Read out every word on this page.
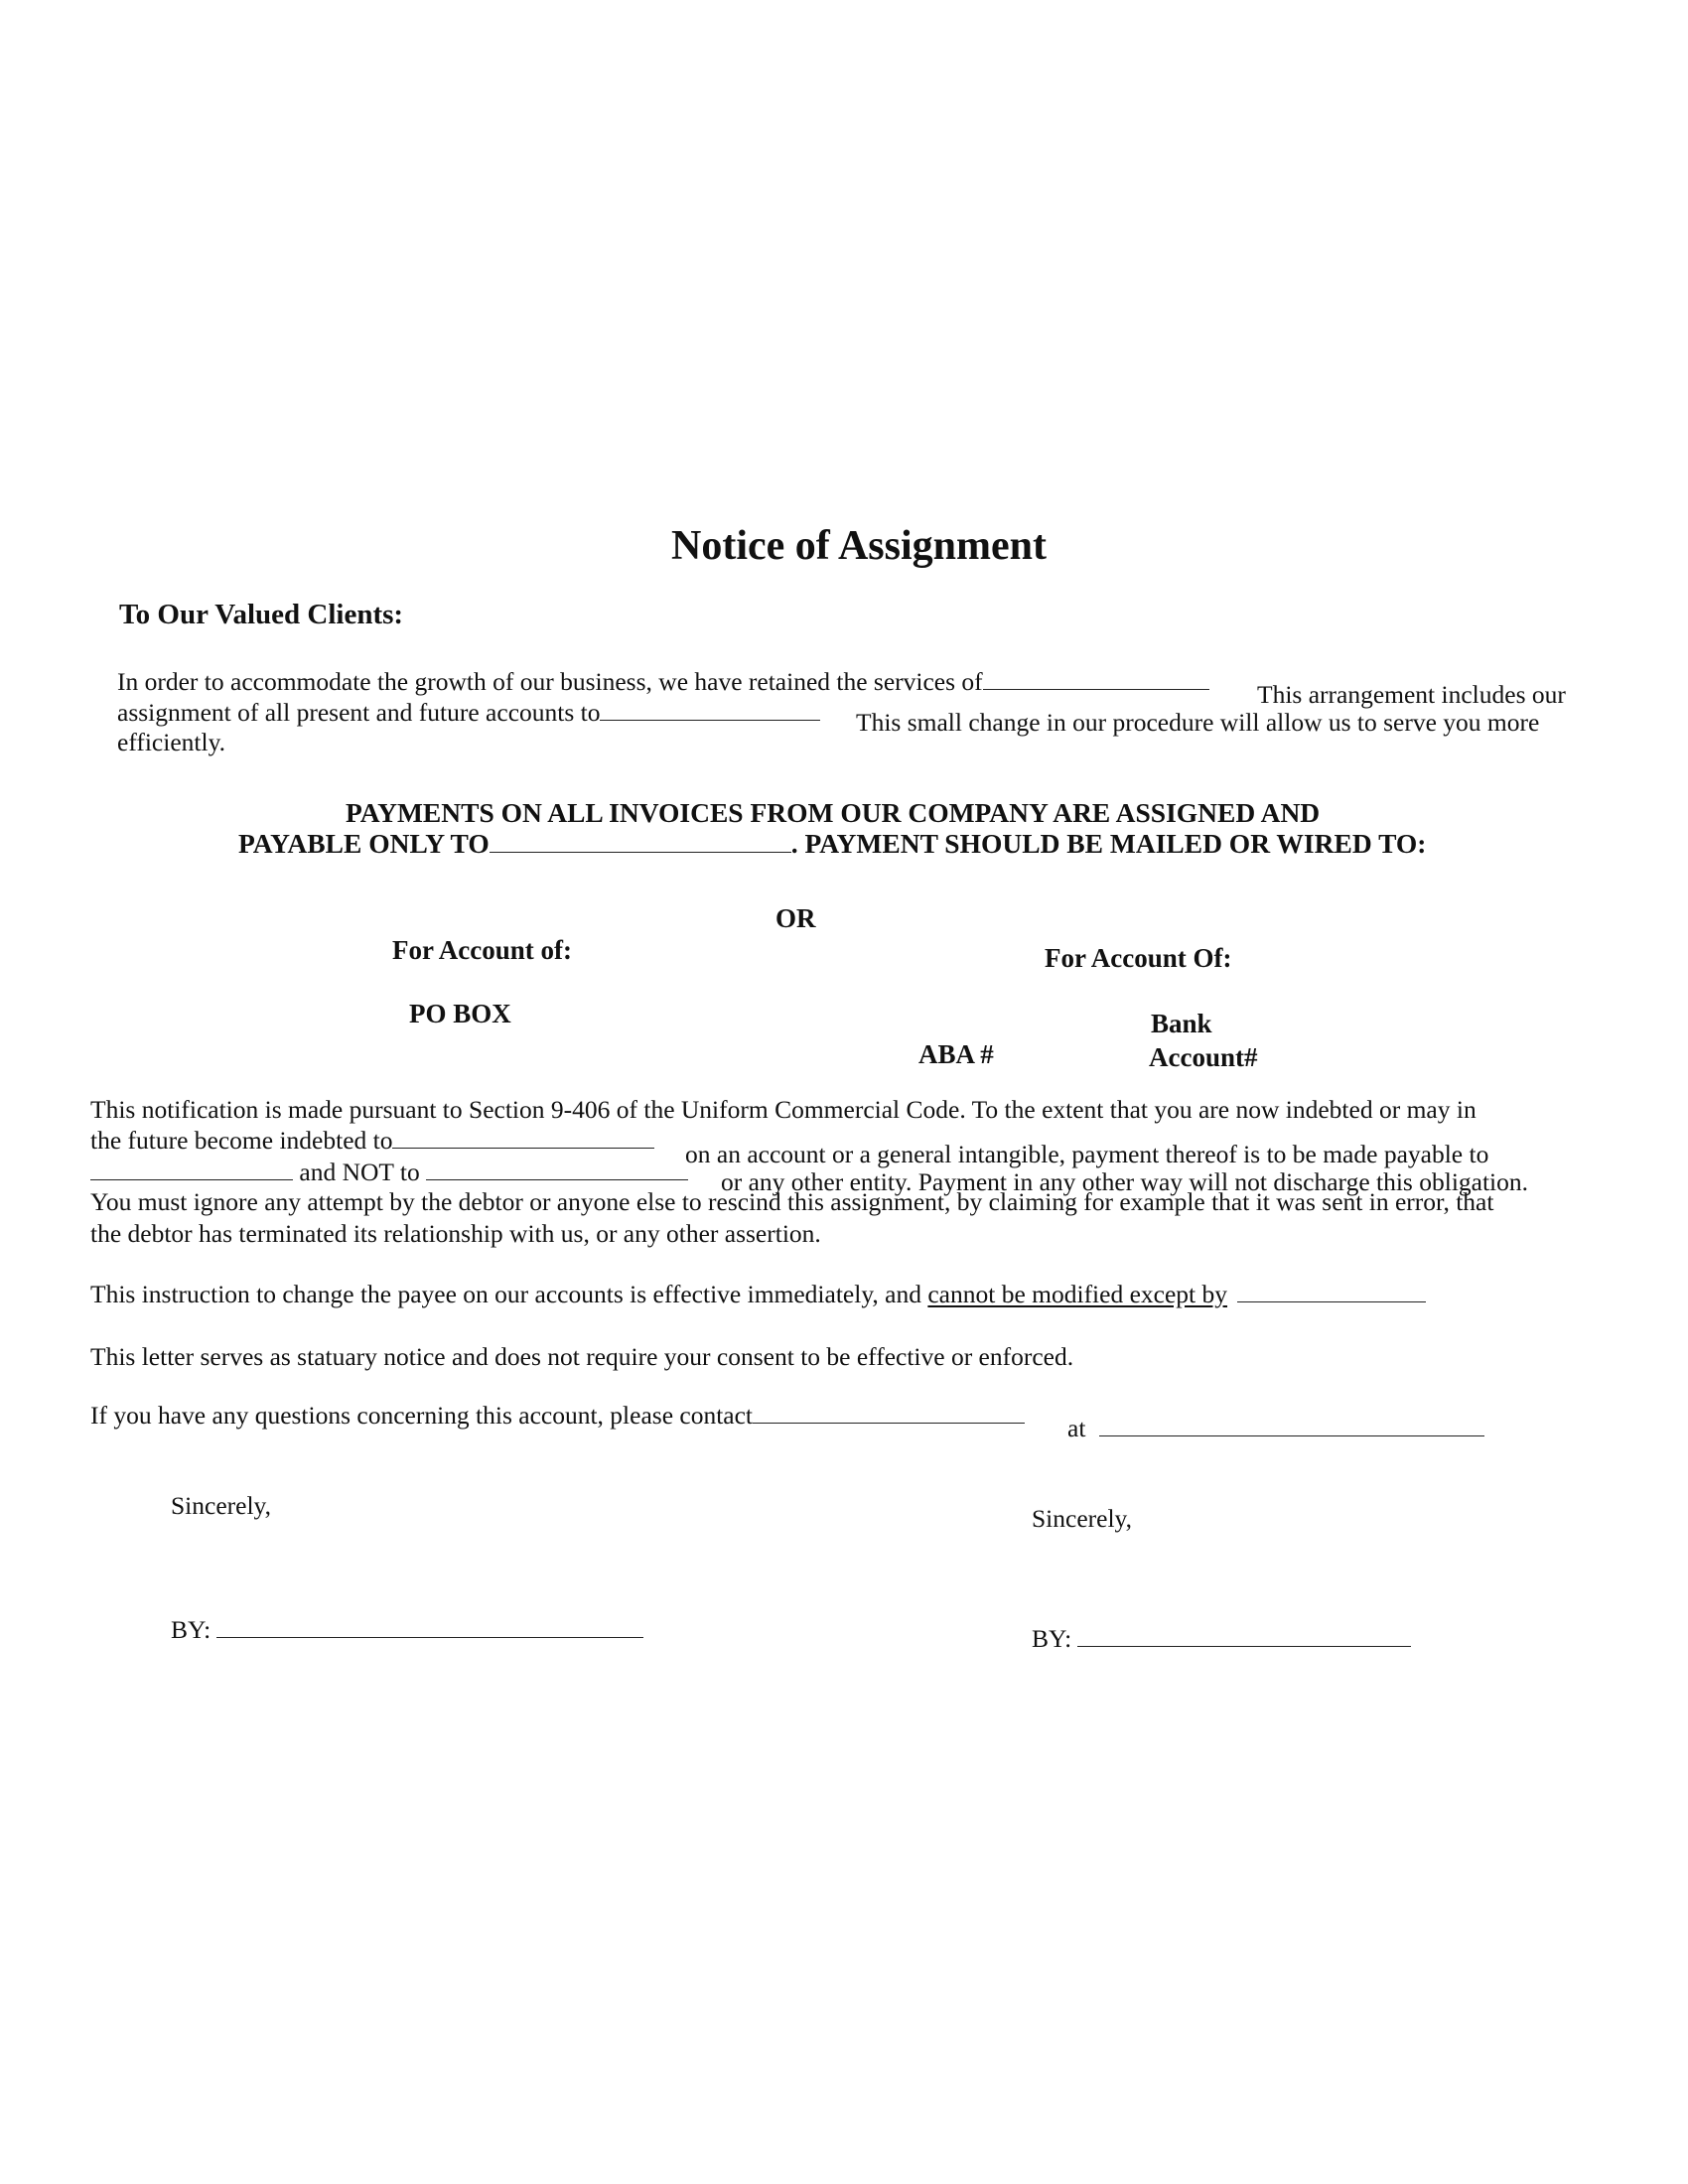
Notice of Assignment
To Our Valued Clients:
In order to accommodate the growth of our business, we have retained the services of	This arrangement includes our
assignment of all present and future accounts to	This small change in our procedure will allow us to serve you more
efficiently.
PAYMENTS ON ALL INVOICES FROM OUR COMPANY ARE ASSIGNED AND
PAYABLE ONLY TO	. PAYMENT SHOULD BE MAILED OR WIRED TO:
OR
For Account of:	For Account Of:
PO BOX	Bank
ABA #	Account#
This notification is made pursuant to Section 9-406 of the Uniform Commercial Code. To the extent that you are now indebted or may in
the future become indebted to	on an account or a general intangible, payment thereof is to be made payable to
and NOT to	or any other entity. Payment in any other way will not discharge this obligation.
You must ignore any attempt by the debtor or anyone else to rescind this assignment, by claiming for example that it was sent in error, that
the debtor has terminated its relationship with us, or any other assertion.
This instruction to change the payee on our accounts is effective immediately, and cannot be modified except by
This letter serves as statuary notice and does not require your consent to be effective or enforced.
If you have any questions concerning this account, please contact	at
Sincerely,	Sincerely,
BY:	BY:
